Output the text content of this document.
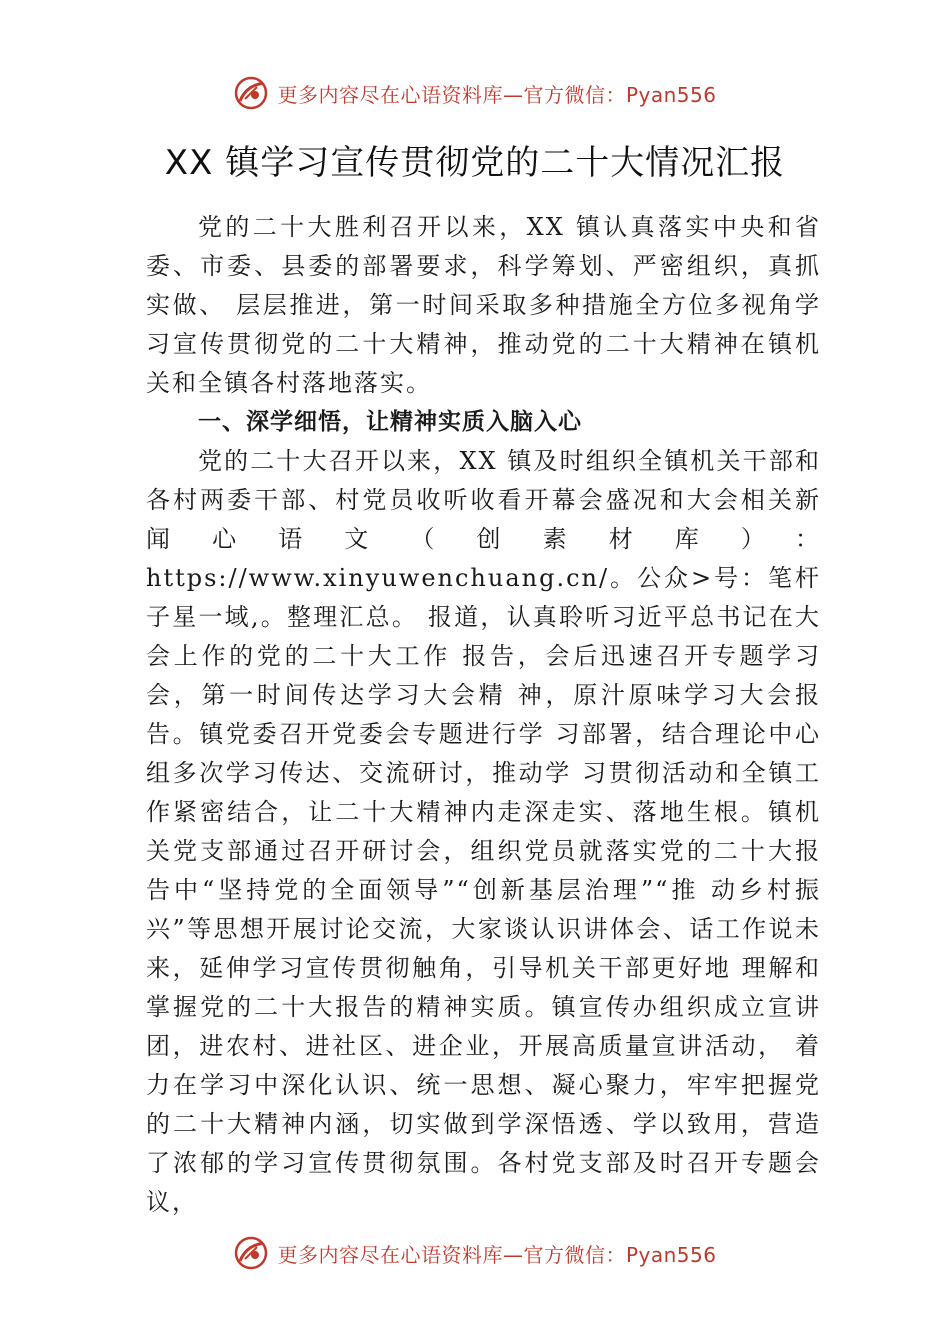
更多内容尽在心语资料库—官方微信：Pyan556
XX 镇学习宣传贯彻党的二十大情况汇报

党的二十大胜利召开以来，XX 镇认真落实中央和省委、市委、县委的部署要求，科学筹划、严密组织，真抓实做、 层层推进，第一时间采取多种措施全方位多视角学习宣传贯彻党的二十大精神，推动党的二十大精神在镇机关和全镇各村落地落实。

一、深学细悟，让精神实质入脑入心

党的二十大召开以来，XX 镇及时组织全镇机关干部和各村两委干部、村党员收听收看开幕会盛况和大会相关新闻心语文（创素材库）：https://www.xinyuwenchuang.cn/。公众>号：笔杆子星一域,。整理汇总。 报道，认真聆听习近平总书记在大会上作的党的二十大工作 报告，会后迅速召开专题学习会，第一时间传达学习大会精 神，原汁原味学习大会报告。镇党委召开党委会专题进行学 习部署，结合理论中心组多次学习传达、交流研讨，推动学 习贯彻活动和全镇工作紧密结合，让二十大精神内走深走实、落地生根。镇机关党支部通过召开研讨会，组织党员就落实党的二十大报告中“坚持党的全面领导”“创新基层治理”“推 动乡村振兴”等思想开展讨论交流，大家谈认识讲体会、话工作说未来，延伸学习宣传贯彻触角，引导机关干部更好地 理解和掌握党的二十大报告的精神实质。镇宣传办组织成立宣讲团，进农村、进社区、进企业，开展高质量宣讲活动， 着力在学习中深化认识、统一思想、凝心聚力，牢牢把握党的二十大精神内涵，切实做到学深悟透、学以致用，营造了浓郁的学习宣传贯彻氛围。各村党支部及时召开专题会议，

更多内容尽在心语资料库—官方微信：Pyan556
